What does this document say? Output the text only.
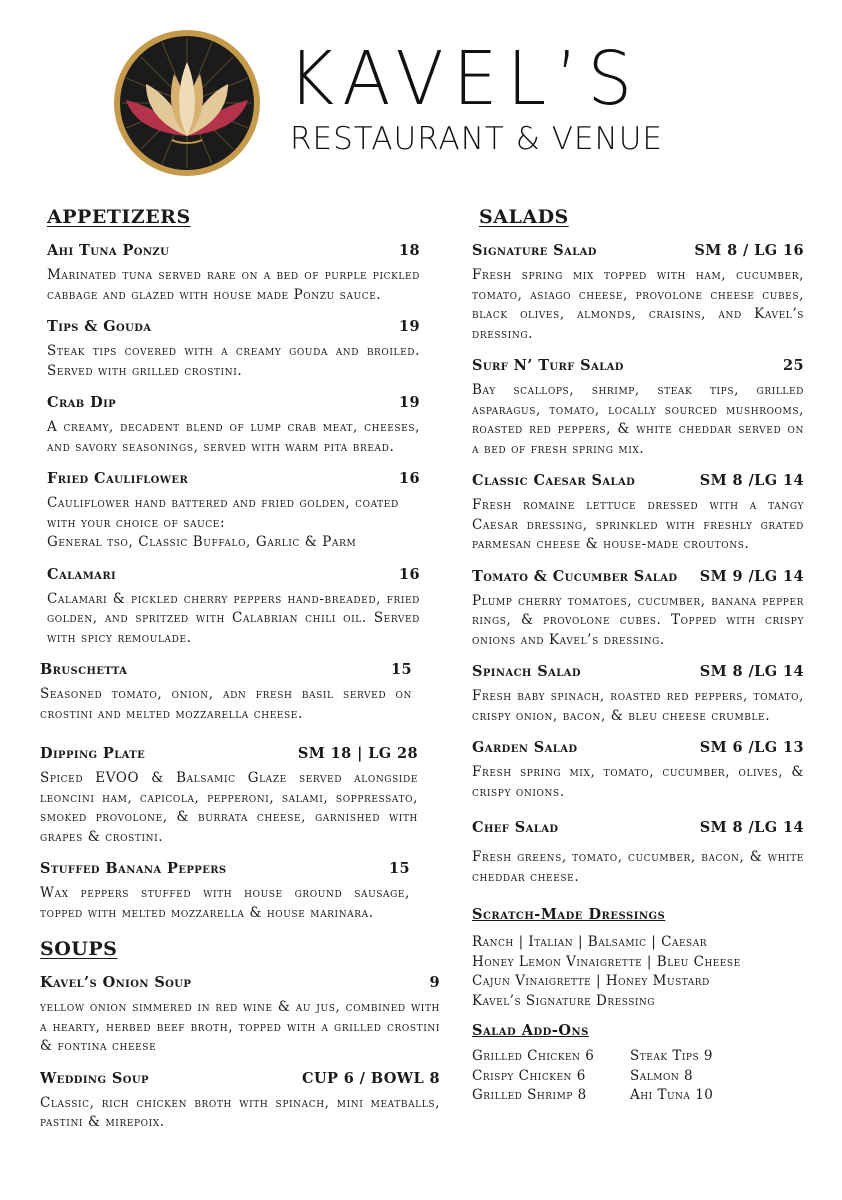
KAVEL’S
RESTAURANT & VENUE
APPETIZERS
Ahi Tuna Ponzu	18
Marinated tuna served rare on a bed of purple pickled cabbage and glazed with house made Ponzu sauce.
Tips & Gouda	19
Steak tips covered with a creamy gouda and broiled. Served with grilled crostini.
Crab Dip	19
A creamy, decadent blend of lump crab meat, cheeses, and savory seasonings, served with warm pita bread.
Fried Cauliflower	16
Cauliflower hand battered and fried golden, coated with your choice of sauce:
General tso, Classic Buffalo, Garlic & Parm
Calamari	16
Calamari & pickled cherry peppers hand-breaded, fried golden, and spritzed with Calabrian chili oil. Served with spicy remoulade.
Bruschetta	15
Seasoned tomato, onion, adn fresh basil served on crostini and melted mozzarella cheese.
Dipping Plate	SM 18 | LG 28
Spiced EVOO & Balsamic Glaze served alongside leoncini ham, capicola, pepperoni, salami, soppressato, smoked provolone, & burrata cheese, garnished with grapes & crostini.
Stuffed Banana Peppers	15
Wax peppers stuffed with house ground sausage, topped with melted mozzarella & house marinara.
SOUPS
Kavel’s Onion Soup	9
yellow onion simmered in red wine & au jus, combined with a hearty, herbed beef broth, topped with a grilled crostini & fontina cheese
Wedding Soup	CUP 6 / BOWL 8
Classic, rich chicken broth with spinach, mini meatballs, pastini & mirepoix.
SALADS
Signature Salad	SM 8 / LG 16
Fresh spring mix topped with ham, cucumber, tomato, asiago cheese, provolone cheese cubes, black olives, almonds, craisins, and Kavel’s dressing.
Surf N’ Turf Salad	25
Bay scallops, shrimp, steak tips, grilled asparagus, tomato, locally sourced mushrooms, roasted red peppers, & white cheddar served on a bed of fresh spring mix.
Classic Caesar Salad	SM 8 /LG 14
Fresh romaine lettuce dressed with a tangy Caesar dressing, sprinkled with freshly grated parmesan cheese & house-made croutons.
Tomato & Cucumber Salad SM 9 /LG 14
Plump cherry tomatoes, cucumber, banana pepper rings, & provolone cubes. Topped with crispy onions and Kavel’s dressing.
Spinach Salad	SM 8 /LG 14
Fresh baby spinach, roasted red peppers, tomato, crispy onion, bacon, & bleu cheese crumble.
Garden Salad	SM 6 /LG 13
Fresh spring mix, tomato, cucumber, olives, & crispy onions.
Chef Salad	SM 8 /LG 14
Fresh greens, tomato, cucumber, bacon, & white cheddar cheese.
Scratch-Made Dressings
Ranch | Italian | Balsamic | Caesar
Honey Lemon Vinaigrette | Bleu Cheese
Cajun Vinaigrette | Honey Mustard
Kavel’s Signature Dressing
Salad Add-Ons
Grilled Chicken 6
Crispy Chicken 6
Grilled Shrimp 8
Steak Tips 9
Salmon 8
Ahi Tuna 10
